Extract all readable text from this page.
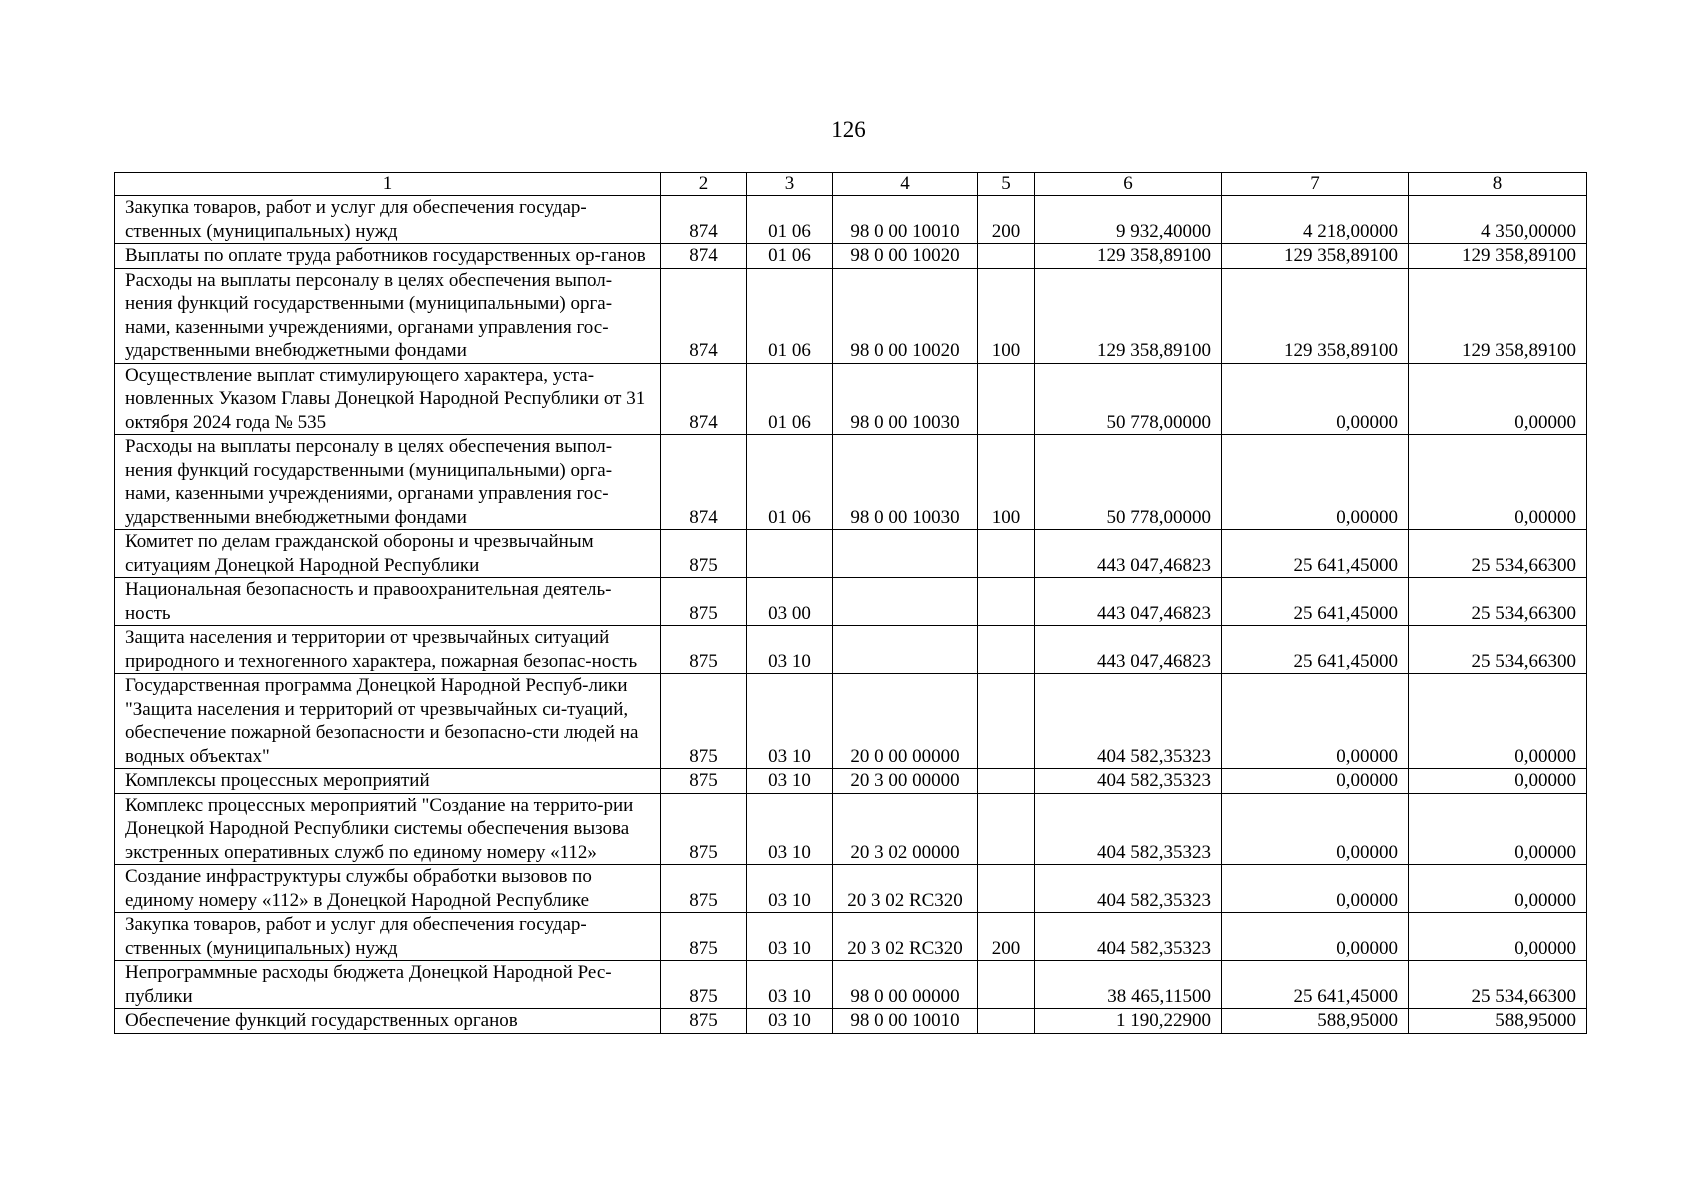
126
1	2	3	4	5	6	7	8
Закупка товаров, работ и услуг для обеспечения государ-ственных (муниципальных) нужд	874	01 06	98 0 00 10010	200	9 932,40000	4 218,00000	4 350,00000
Выплаты по оплате труда работников государственных ор-ганов	874	01 06	98 0 00 10020		129 358,89100	129 358,89100	129 358,89100
Расходы на выплаты персоналу в целях обеспечения выпол-нения функций государственными (муниципальными) орга-нами, казенными учреждениями, органами управления гос-ударственными внебюджетными фондами	874	01 06	98 0 00 10020	100	129 358,89100	129 358,89100	129 358,89100
Осуществление выплат стимулирующего характера, уста-новленных Указом Главы Донецкой Народной Республики от 31 октября 2024 года № 535	874	01 06	98 0 00 10030		50 778,00000	0,00000	0,00000
Расходы на выплаты персоналу в целях обеспечения выпол-нения функций государственными (муниципальными) орга-нами, казенными учреждениями, органами управления гос-ударственными внебюджетными фондами	874	01 06	98 0 00 10030	100	50 778,00000	0,00000	0,00000
Комитет по делам гражданской обороны и чрезвычайным ситуациям Донецкой Народной Республики	875				443 047,46823	25 641,45000	25 534,66300
Национальная безопасность и правоохранительная деятель-ность	875	03 00			443 047,46823	25 641,45000	25 534,66300
Защита населения и территории от чрезвычайных ситуаций природного и техногенного характера, пожарная безопас-ность	875	03 10			443 047,46823	25 641,45000	25 534,66300
Государственная программа Донецкой Народной Респуб-лики "Защита населения и территорий от чрезвычайных си-туаций, обеспечение пожарной безопасности и безопасно-сти людей на водных объектах"	875	03 10	20 0 00 00000		404 582,35323	0,00000	0,00000
Комплексы процессных мероприятий	875	03 10	20 3 00 00000		404 582,35323	0,00000	0,00000
Комплекс процессных мероприятий "Создание на террито-рии Донецкой Народной Республики системы обеспечения вызова экстренных оперативных служб по единому номеру «112»	875	03 10	20 3 02 00000		404 582,35323	0,00000	0,00000
Создание инфраструктуры службы обработки вызовов по единому номеру «112» в Донецкой Народной Республике	875	03 10	20 3 02 RC320		404 582,35323	0,00000	0,00000
Закупка товаров, работ и услуг для обеспечения государ-ственных (муниципальных) нужд	875	03 10	20 3 02 RC320	200	404 582,35323	0,00000	0,00000
Непрограммные расходы бюджета Донецкой Народной Рес-публики	875	03 10	98 0 00 00000		38 465,11500	25 641,45000	25 534,66300
Обеспечение функций государственных органов	875	03 10	98 0 00 10010		1 190,22900	588,95000	588,95000
